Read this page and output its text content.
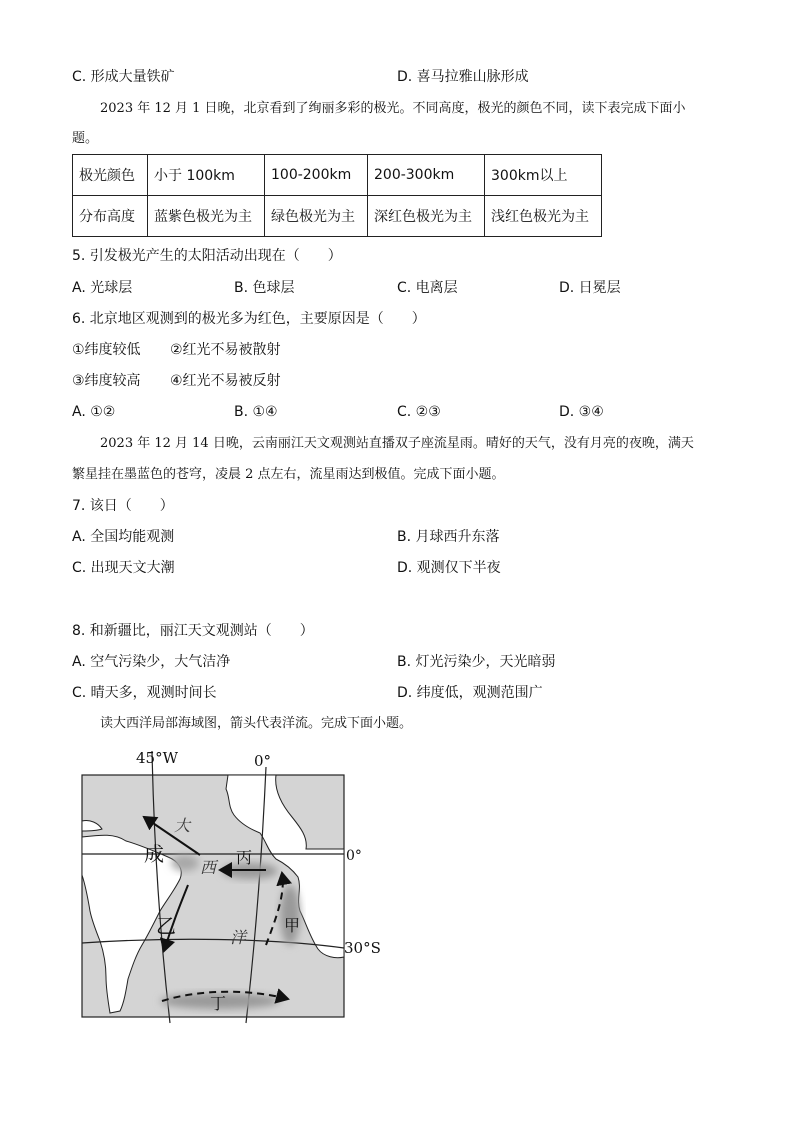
C. 形成大量铁矿	D. 喜马拉雅山脉形成
2023 年 12 月 1 日晚，北京看到了绚丽多彩的极光。不同高度，极光的颜色不同，读下表完成下面小
题。
极光颜色	小于 100km	100-200km	200-300km	300km以上
分布高度	蓝紫色极光为主	绿色极光为主	深红色极光为主	浅红色极光为主
5. 引发极光产生的太阳活动出现在（　　）
A. 光球层	B. 色球层	C. 电离层	D. 日冕层
6. 北京地区观测到的极光多为红色，主要原因是（　　）
①纬度较低 ②红光不易被散射
③纬度较高 ④红光不易被反射
A. ①②	B. ①④	C. ②③	D. ③④
2023 年 12 月 14 日晚，云南丽江天文观测站直播双子座流星雨。晴好的天气，没有月亮的夜晚，满天
繁星挂在墨蓝色的苍穹，凌晨 2 点左右，流星雨达到极值。完成下面小题。
7. 该日（　　）
A. 全国均能观测	B. 月球西升东落
C. 出现天文大潮	D. 观测仅下半夜
8. 和新疆比，丽江天文观测站（　　）
A. 空气污染少，大气洁净	B. 灯光污染少，天光暗弱
C. 晴天多，观测时间长	D. 纬度低，观测范围广
读大西洋局部海域图，箭头代表洋流。完成下面小题。
45°W	0°
0°
30°S
大
成
西
丙
甲
洋
乙
丁
